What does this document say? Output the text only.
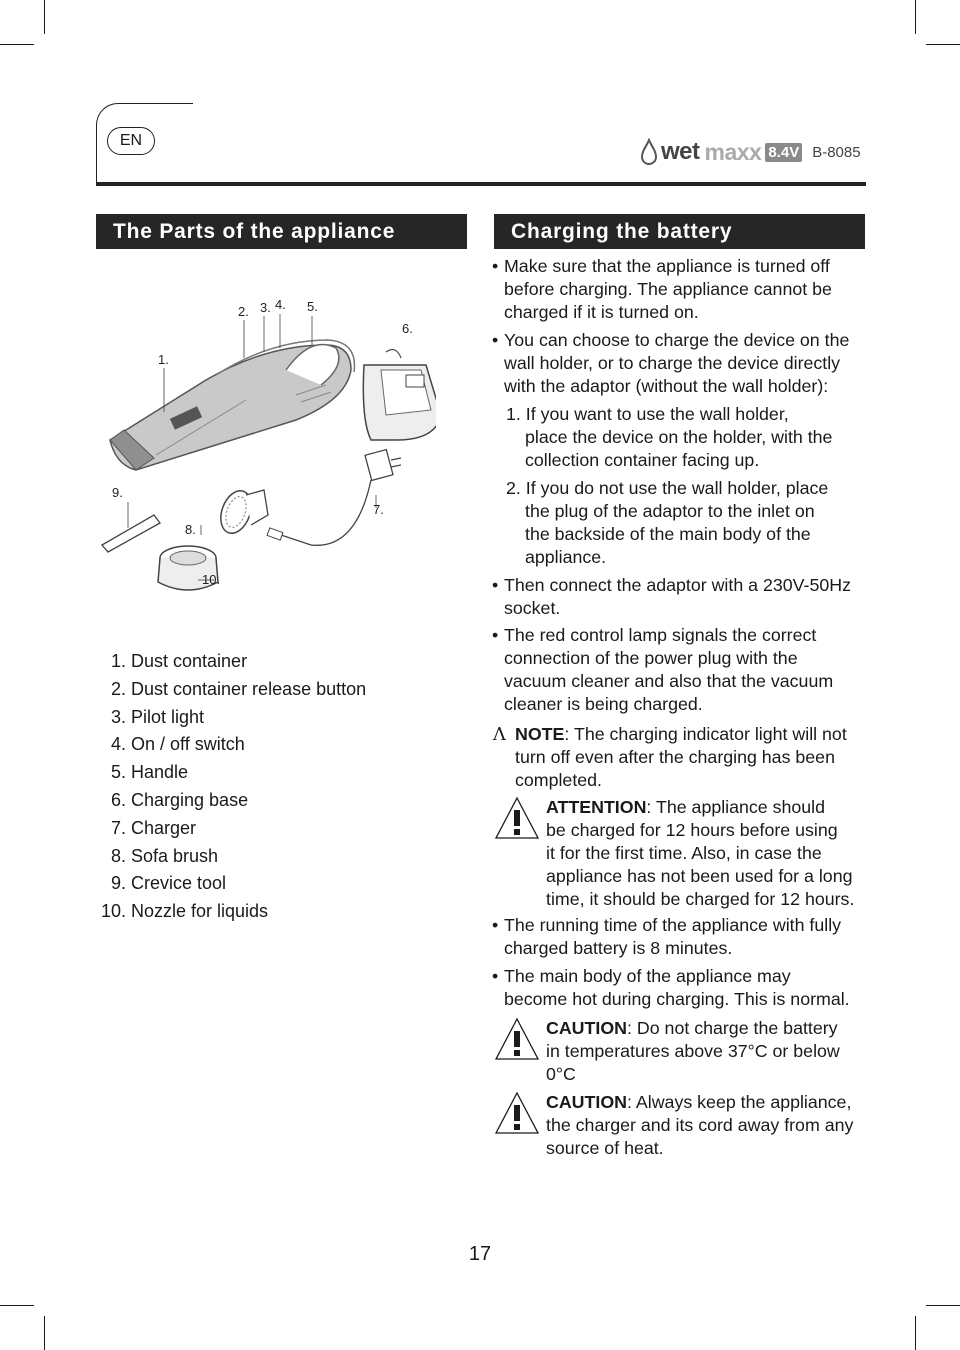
EN	wet maxx 8.4V B-8085
The Parts of the appliance	Charging the battery
1.
2. 3. 4. 5.
6.
7.
8.
9.
10.
1. Dust container
2. Dust container release button
3. Pilot light
4. On / off switch
5. Handle
6. Charging base
7. Charger
8. Sofa brush
9. Crevice tool
10. Nozzle for liquids
• Make sure that the appliance is turned off
before charging. The appliance cannot be
charged if it is turned on.
• You can choose to charge the device on the
wall holder, or to charge the device directly
with the adaptor (without the wall holder):
1. If you want to use the wall holder,
place the device on the holder, with the
collection container facing up.
2. If you do not use the wall holder, place
the plug of the adaptor to the inlet on
the backside of the main body of the
appliance.
• Then connect the adaptor with a 230V-50Hz
socket.
• The red control lamp signals the correct
connection of the power plug with the
vacuum cleaner and also that the vacuum
cleaner is being charged.
Λ NOTE: The charging indicator light will not
turn off even after the charging has been
completed.
ATTENTION: The appliance should
be charged for 12 hours before using
it for the first time. Also, in case the
appliance has not been used for a long
time, it should be charged for 12 hours.
• The running time of the appliance with fully
charged battery is 8 minutes.
• The main body of the appliance may
become hot during charging. This is normal.
CAUTION: Do not charge the battery
in temperatures above 37°C or below
0°C
CAUTION: Always keep the appliance,
the charger and its cord away from any
source of heat.
17
